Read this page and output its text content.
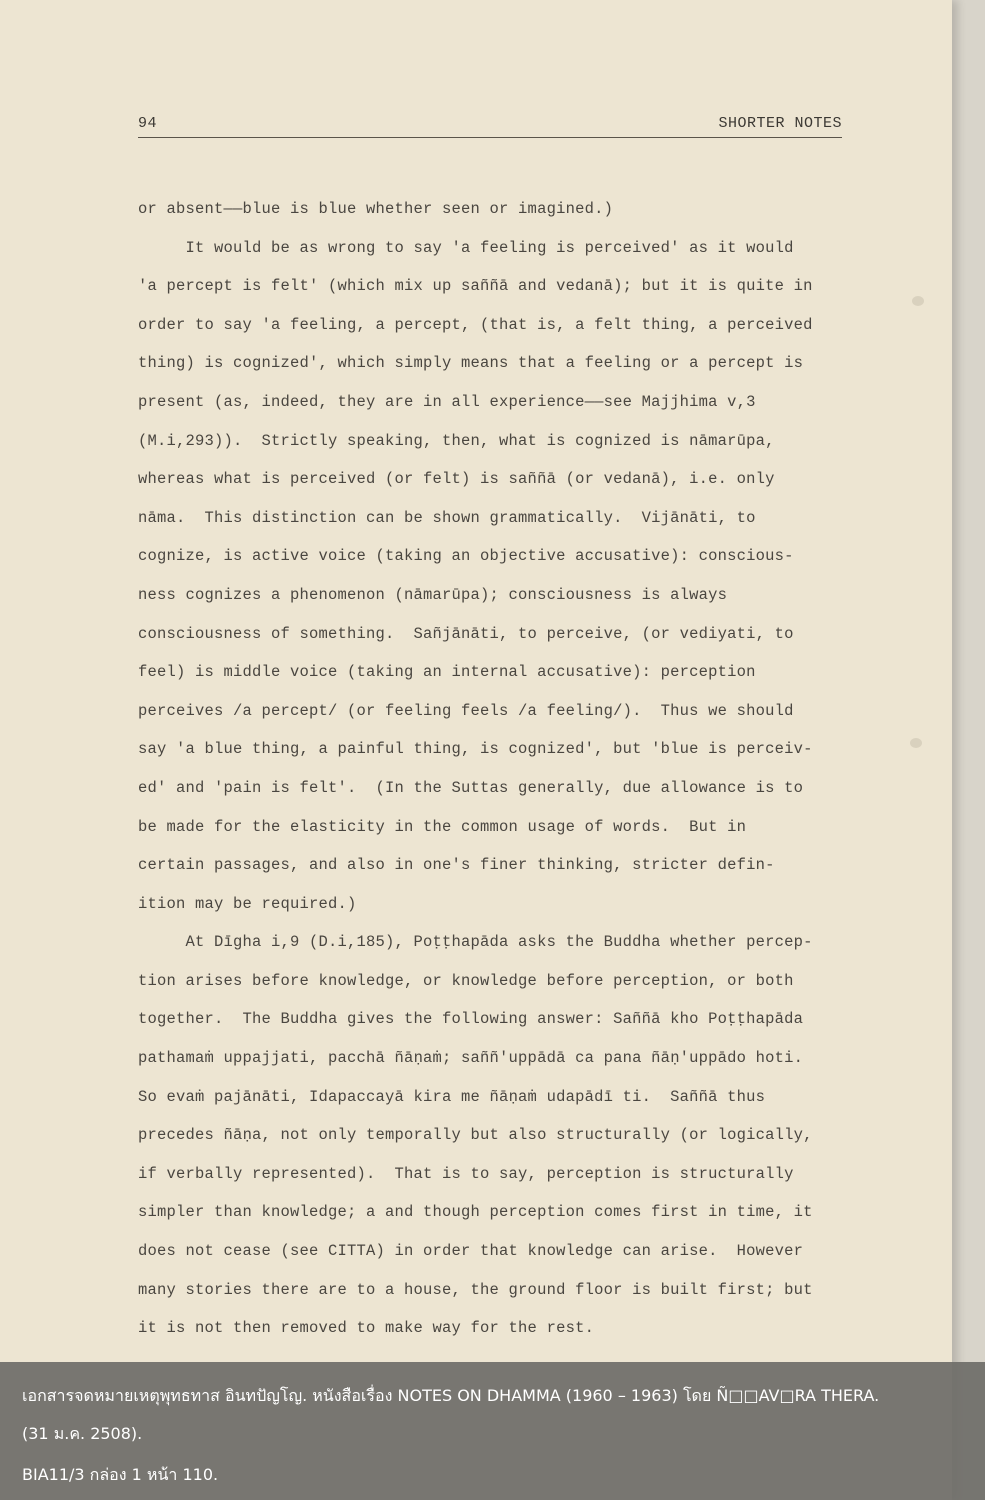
94	SHORTER NOTES
or absent——blue is blue whether seen or imagined.)
It would be as wrong to say 'a feeling is perceived' as it would
'a percept is felt' (which mix up saññā and vedanā); but it is quite in
order to say 'a feeling, a percept, (that is, a felt thing, a perceived
thing) is cognized', which simply means that a feeling or a percept is
present (as, indeed, they are in all experience——see Majjhima v,3
(M.i,293)).  Strictly speaking, then, what is cognized is nāmarūpa,
whereas what is perceived (or felt) is saññā (or vedanā), i.e. only
nāma.  This distinction can be shown grammatically.  Vijānāti, to
cognize, is active voice (taking an objective accusative): conscious-
ness cognizes a phenomenon (nāmarūpa); consciousness is always
consciousness of something.  Sañjānāti, to perceive, (or vediyati, to
feel) is middle voice (taking an internal accusative): perception
perceives /a percept/ (or feeling feels /a feeling/).  Thus we should
say 'a blue thing, a painful thing, is cognized', but 'blue is perceiv-
ed' and 'pain is felt'.  (In the Suttas generally, due allowance is to
be made for the elasticity in the common usage of words.  But in
certain passages, and also in one's finer thinking, stricter defin-
ition may be required.)
At Dīgha i,9 (D.i,185), Poṭṭhapāda asks the Buddha whether percep-
tion arises before knowledge, or knowledge before perception, or both
together.  The Buddha gives the following answer: Saññā kho Poṭṭhapāda
pathamaṁ uppajjati, pacchā ñāṇaṁ; saññ'uppādā ca pana ñāṇ'uppādo hoti.
So evaṁ pajānāti, Idapaccayā kira me ñāṇaṁ udapādī ti.  Saññā thus
precedes ñāṇa, not only temporally but also structurally (or logically,
if verbally represented).  That is to say, perception is structurally
simpler than knowledge; a and though perception comes first in time, it
does not cease (see CITTA) in order that knowledge can arise.  However
many stories there are to a house, the ground floor is built first; but
it is not then removed to make way for the rest.
เอกสารจดหมายเหตุพุทธทาส อินทปัญโญ. หนังสือเรื่อง NOTES ON DHAMMA (1960 – 1963) โดย Ñ□□AV□RA THERA.
(31 ม.ค. 2508).
BIA11/3 กล่อง 1 หน้า 110.
